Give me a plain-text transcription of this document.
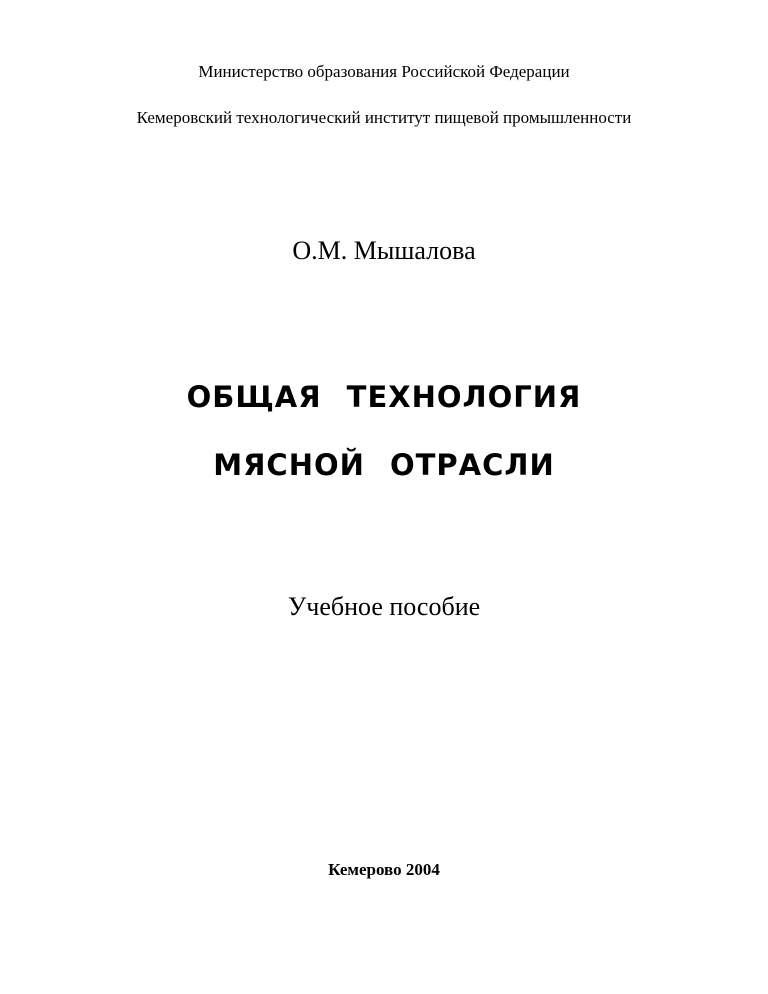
Министерство образования Российской Федерации
Кемеровский технологический институт пищевой промышленности
О.М. Мышалова
ОБЩАЯ ТЕХНОЛОГИЯ
МЯСНОЙ ОТРАСЛИ
Учебное пособие
Кемерово 2004
